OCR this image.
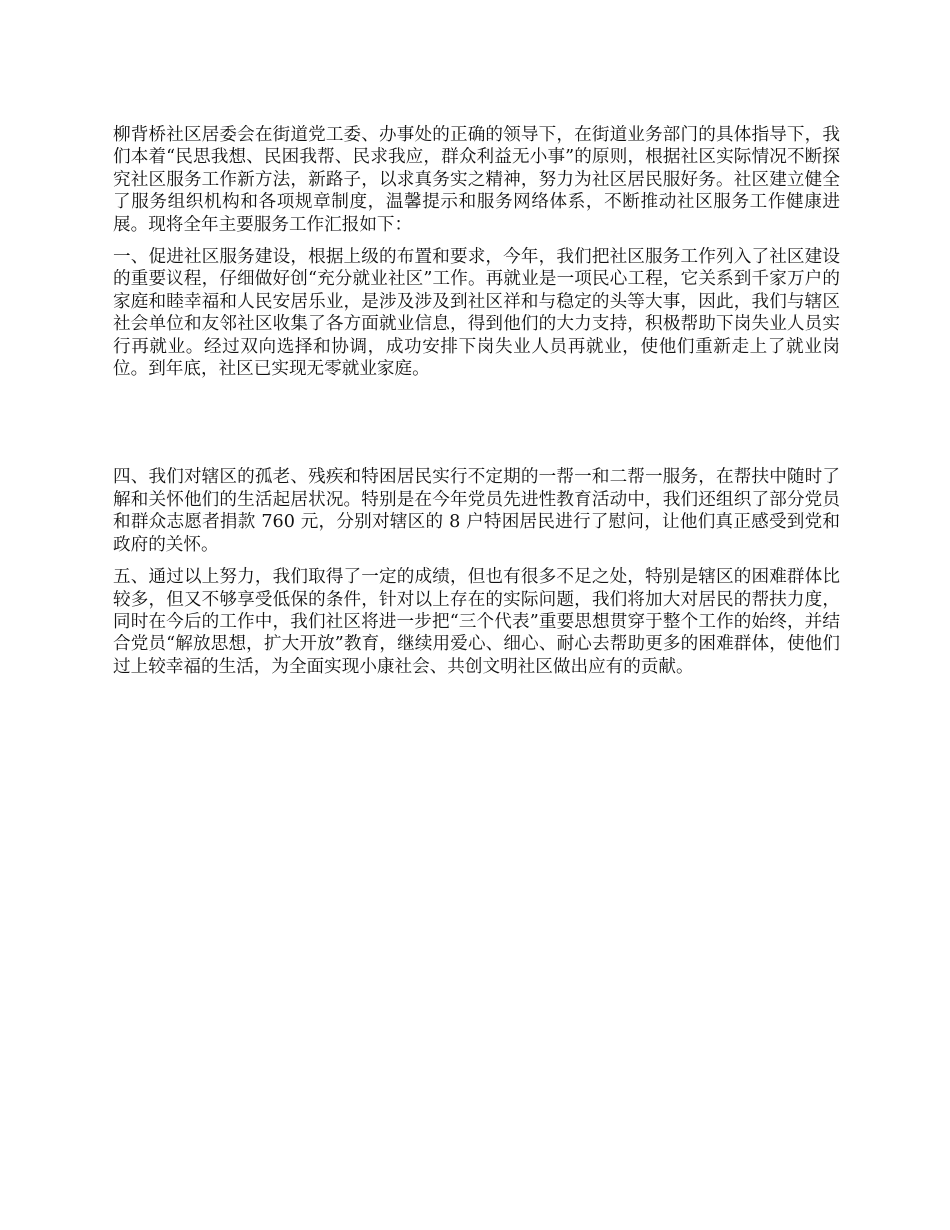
柳背桥社区居委会在街道党工委、办事处的正确的领导下，在街道业务部门的具体指导下，我们本着“民思我想、民困我帮、民求我应，群众利益无小事”的原则，根据社区实际情况不断探究社区服务工作新方法，新路子，以求真务实之精神，努力为社区居民服好务。社区建立健全了服务组织机构和各项规章制度，温馨提示和服务网络体系，不断推动社区服务工作健康进展。现将全年主要服务工作汇报如下：

一、促进社区服务建设，根据上级的布置和要求，今年，我们把社区服务工作列入了社区建设的重要议程，仔细做好创“充分就业社区”工作。再就业是一项民心工程，它关系到千家万户的家庭和睦幸福和人民安居乐业，是涉及涉及到社区祥和与稳定的头等大事，因此，我们与辖区社会单位和友邻社区收集了各方面就业信息，得到他们的大力支持，积极帮助下岗失业人员实行再就业。经过双向选择和协调，成功安排下岗失业人员再就业，使他们重新走上了就业岗位。到年底，社区已实现无零就业家庭。

四、我们对辖区的孤老、残疾和特困居民实行不定期的一帮一和二帮一服务，在帮扶中随时了解和关怀他们的生活起居状况。特别是在今年党员先进性教育活动中，我们还组织了部分党员和群众志愿者捐款 760 元，分别对辖区的 8 户特困居民进行了慰问，让他们真正感受到党和政府的关怀。

五、通过以上努力，我们取得了一定的成绩，但也有很多不足之处，特别是辖区的困难群体比较多，但又不够享受低保的条件，针对以上存在的实际问题，我们将加大对居民的帮扶力度，同时在今后的工作中，我们社区将进一步把“三个代表”重要思想贯穿于整个工作的始终，并结合党员“解放思想，扩大开放”教育，继续用爱心、细心、耐心去帮助更多的困难群体，使他们过上较幸福的生活，为全面实现小康社会、共创文明社区做出应有的贡献。
